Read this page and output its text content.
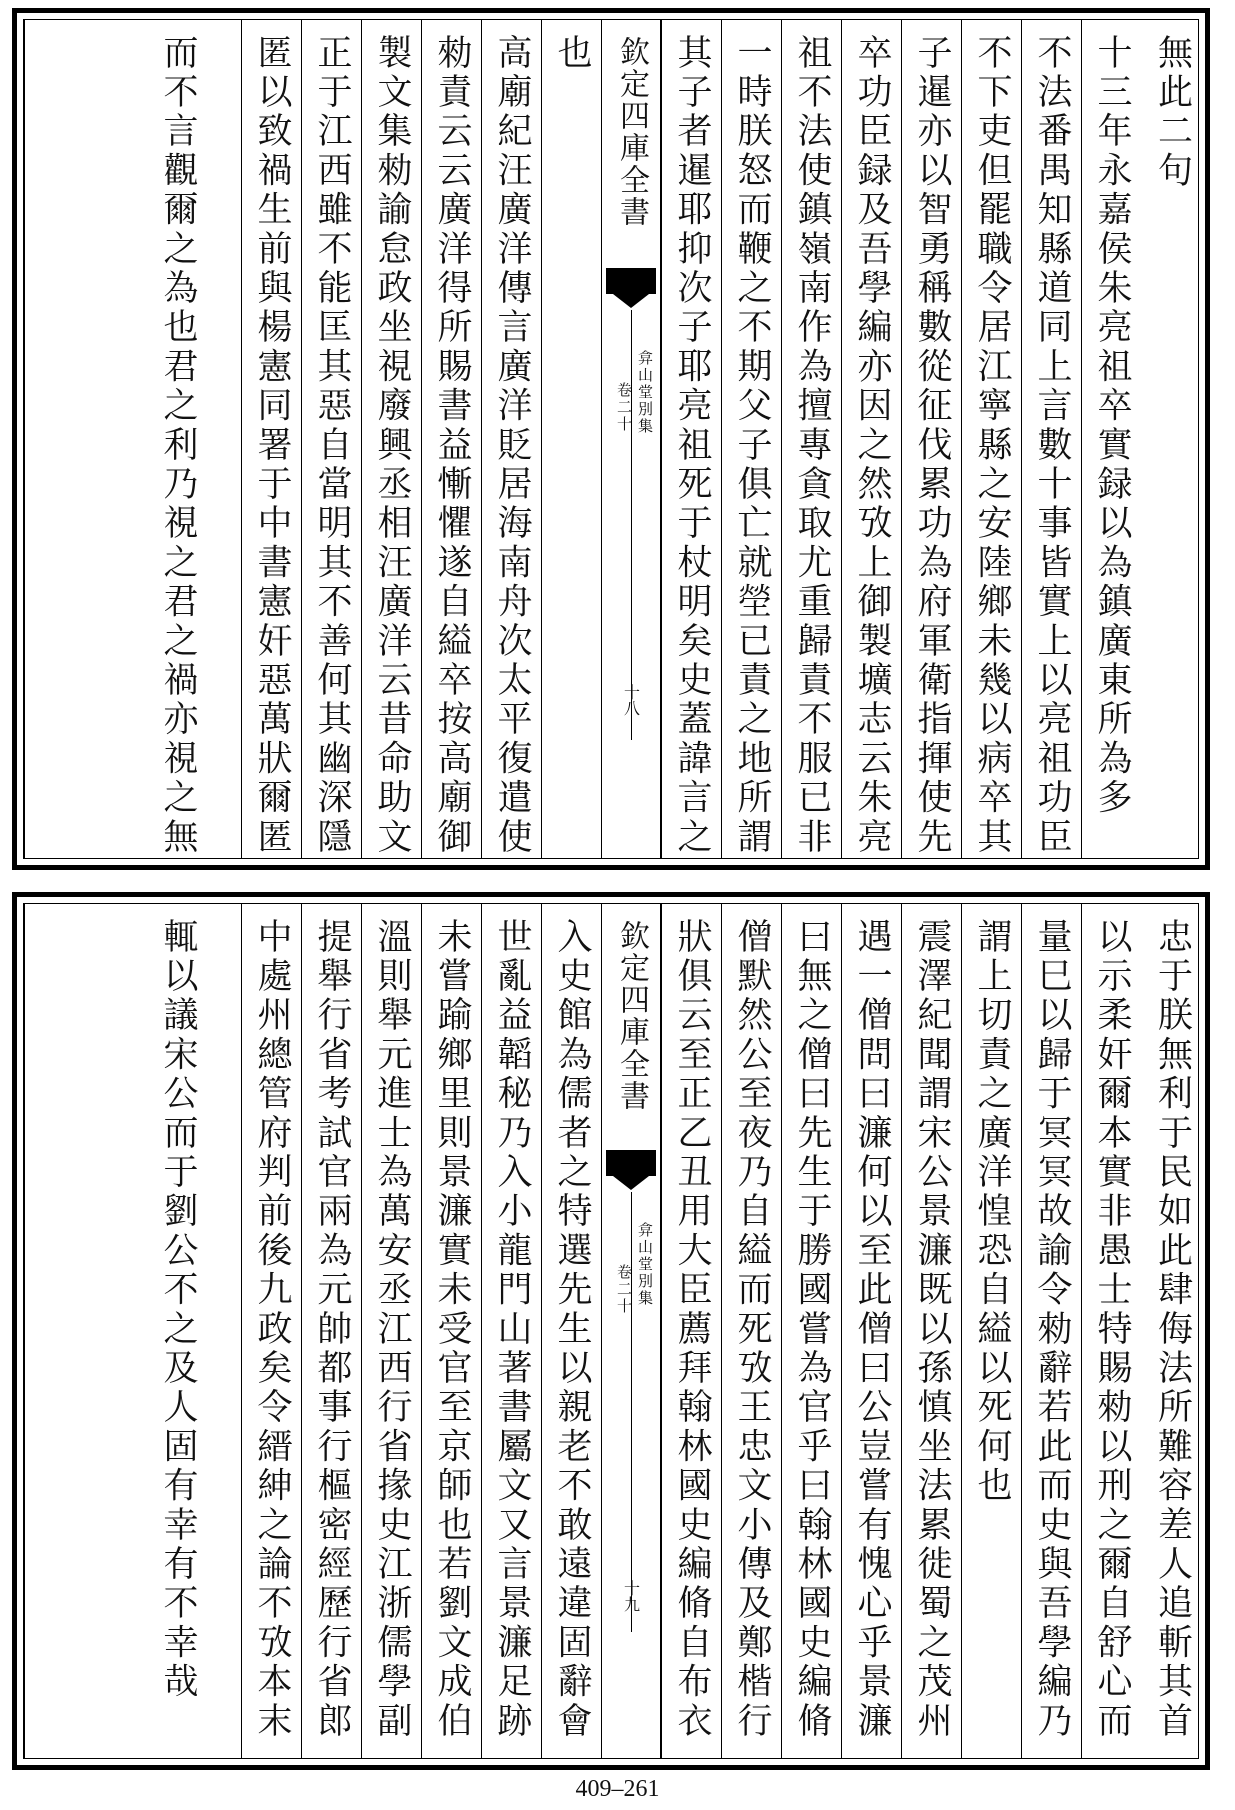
無此二句
十三年永嘉侯朱亮祖卒實録以為鎮廣東所為多
不法番禺知縣道同上言數十事皆實上以亮祖功臣
不下吏但罷職令居江寧縣之安陸鄉未幾以病卒其
子暹亦以智勇稱數從征伐累功為府軍衛指揮使先
卒功臣録及吾學編亦因之然攷上御製壙志云朱亮
祖不法使鎮嶺南作為擅專貪取尤重歸責不服已非
一時朕怒而鞭之不期父子俱亡就塋已責之地所謂
欽定四庫全書
弇山堂別集
卷二十
十八 其子者暹耶抑次子耶亮祖死于杖明矣史蓋諱言之
也
高廟紀汪廣洋傳言廣洋貶居海南舟次太平復遣使
勑責云云廣洋得所賜書益慚懼遂自縊卒按高廟御
製文集勑諭怠政坐視廢興丞相汪廣洋云昔命助文
正于江西雖不能匡其惡自當明其不善何其幽深隱
匿以致禍生前與楊憲同署于中書憲奸惡萬狀爾匿
而不言觀爾之為也君之利乃視之君之禍亦視之無
忠于朕無利于民如此肆侮法所難容差人追斬其首
以示柔奸爾本實非愚士特賜勑以刑之爾自舒心而
量巳以歸于冥冥故諭令勑辭若此而史與吾學編乃
謂上切責之廣洋惶恐自縊以死何也
震澤紀聞謂宋公景濂既以孫慎坐法累徙蜀之茂州
遇一僧問曰濂何以至此僧曰公豈嘗有愧心乎景濂
曰無之僧曰先生于勝國嘗為官乎曰翰林國史編脩
僧默然公至夜乃自縊而死攷王忠文小傳及鄭楷行
欽定四庫全書
弇山堂別集
卷二十
十九 狀俱云至正乙丑用大臣薦拜翰林國史編脩自布衣
入史館為儒者之特選先生以親老不敢遠違固辭會
世亂益韜秘乃入小龍門山著書屬文又言景濂足跡
未嘗踰鄉里則景濂實未受官至京師也若劉文成伯
溫則舉元進士為萬安丞江西行省掾史江浙儒學副
提舉行省考試官兩為元帥都事行樞密經歷行省郎
中處州總管府判前後九政矣令縉紳之論不攷本末
輒以議宋公而于劉公不之及人固有幸有不幸哉
409–261
